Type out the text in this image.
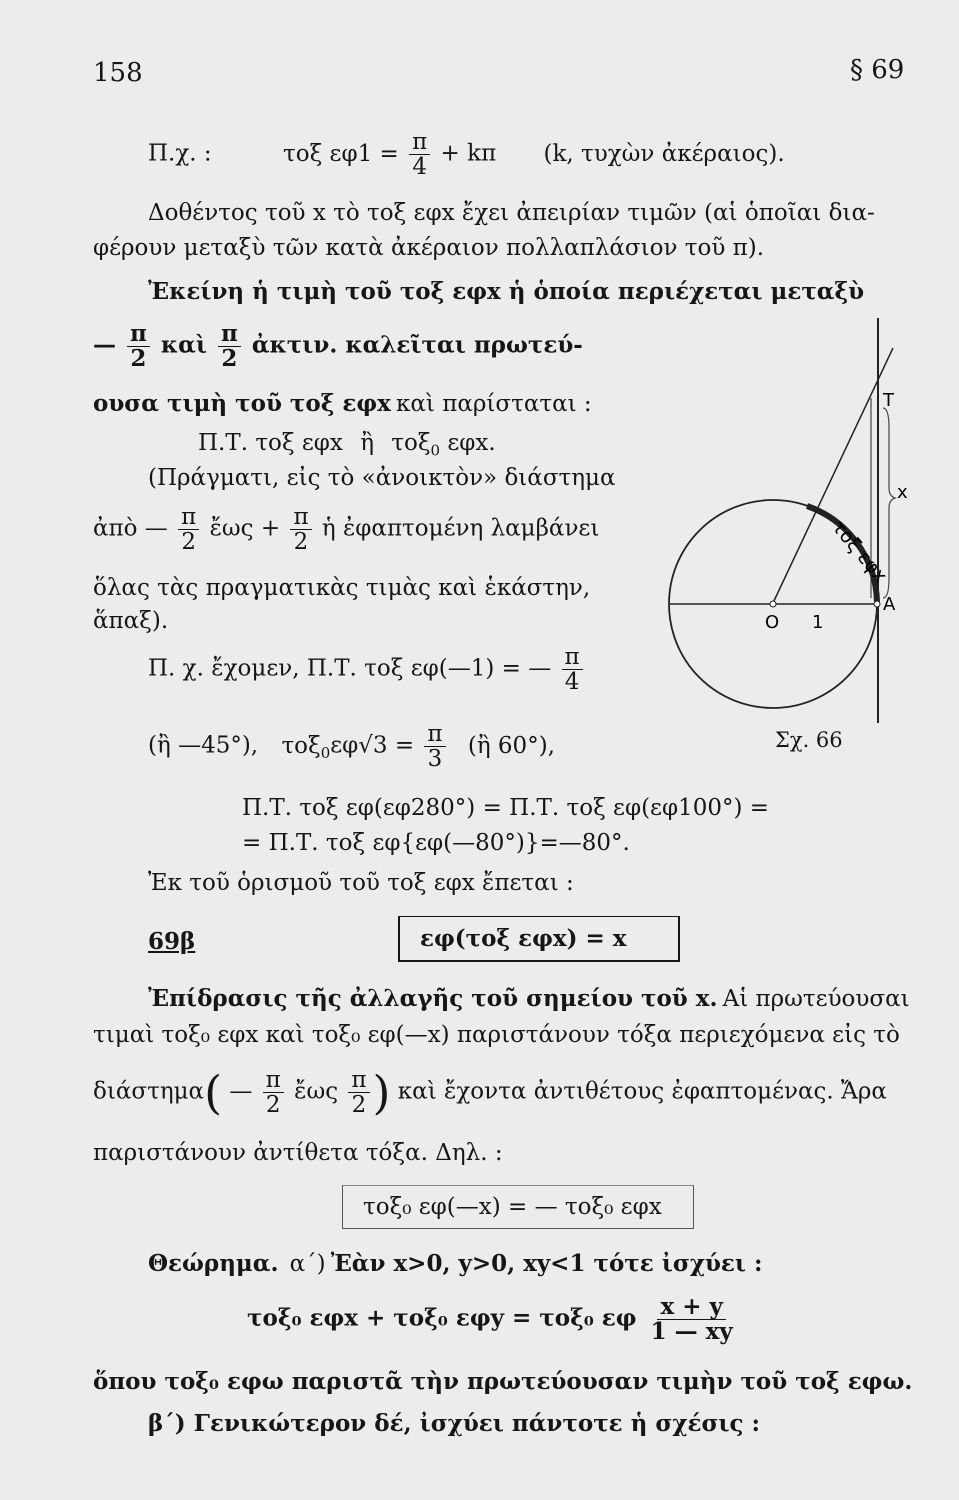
158	§ 69
Π.χ. :	τοξ $\varepsilon\varphi 1 = \frac{\pi}{4} + k\pi$ (k, τυχὼν ἀκέραιος).
Δοθέντος τοῦ x τὸ τοξ εφx ἔχει ἀπειρίαν τιμῶν (αἱ ὁποῖαι δια-
φέρουν μεταξὺ τῶν κατὰ ἀκέραιον πολλαπλάσιον τοῦ π).
Ἐκείνη ἡ τιμὴ τοῦ τοξ εφx ἡ ὁποία περιέχεται μεταξὺ
— $\frac{\pi}{2}$ καὶ $\frac{\pi}{2}$ ἀκτιν. καλεῖται πρωτεύ-
ουσα τιμὴ τοῦ τοξ εφx καὶ παρίσταται :
Π.Τ. τοξ εφx ἢ τοξ$_0$ εφx.
(Πράγματι, εἰς τὸ «ἀνοικτὸν» διάστημα
ἀπὸ — $\frac{\pi}{2}$ ἔως + $\frac{\pi}{2}$ ἡ ἐφαπτομένη λαμβάνει
ὅλας τὰς πραγματικὰς τιμὰς καὶ ἑκάστην,
ἅπαξ).
Π. χ. ἔχομεν, Π.Τ. τοξ εφ(—1) = — $\frac{\pi}{4}$
(ἢ —45°), $\tau o\xi_0\varepsilon\varphi√3 = \frac{\pi}{3}$ (ἢ 60°),
T
x
A
O 1
τοξ εφx
Σχ. 66
Π.Τ. τοξ εφ(εφ280°) = Π.Τ. τοξ εφ(εφ100°) =
= Π.Τ. τοξ εφ{εφ(—80°)}=—80°.
Ἐκ τοῦ ὁρισμοῦ τοῦ τοξ εφx ἔπεται :
69β	εφ(τοξ εφx) = x
Ἐπίδρασις τῆς ἀλλαγῆς τοῦ σημείου τοῦ x. Αἱ πρωτεύουσαι
τιμαὶ τοξ₀ εφx καὶ τοξ₀ εφ(—x) παριστάνουν τόξα περιεχόμενα εἰς τὸ
διάστημα( — $\frac{\pi}{2}$ ἔως $\frac{\pi}{2}$ ) καὶ ἔχοντα ἀντιθέτους ἐφαπτομένας. Ἄρα
παριστάνουν ἀντίθετα τόξα. Δηλ. :
τοξ₀ εφ(—x) = — τοξ₀ εφx
Θεώρημα. α΄) Ἐὰν x>0, y>0, xy<1 τότε ἰσχύει :
τοξ₀ εφx + τοξ₀ εφy = τοξ₀ εφ $\frac{x + y}{1 — xy}$
ὅπου τοξ₀ εφω παριστᾶ τὴν πρωτεύουσαν τιμὴν τοῦ τοξ εφω.
β΄) Γενικώτερον δέ, ἰσχύει πάντοτε ἡ σχέσις :
